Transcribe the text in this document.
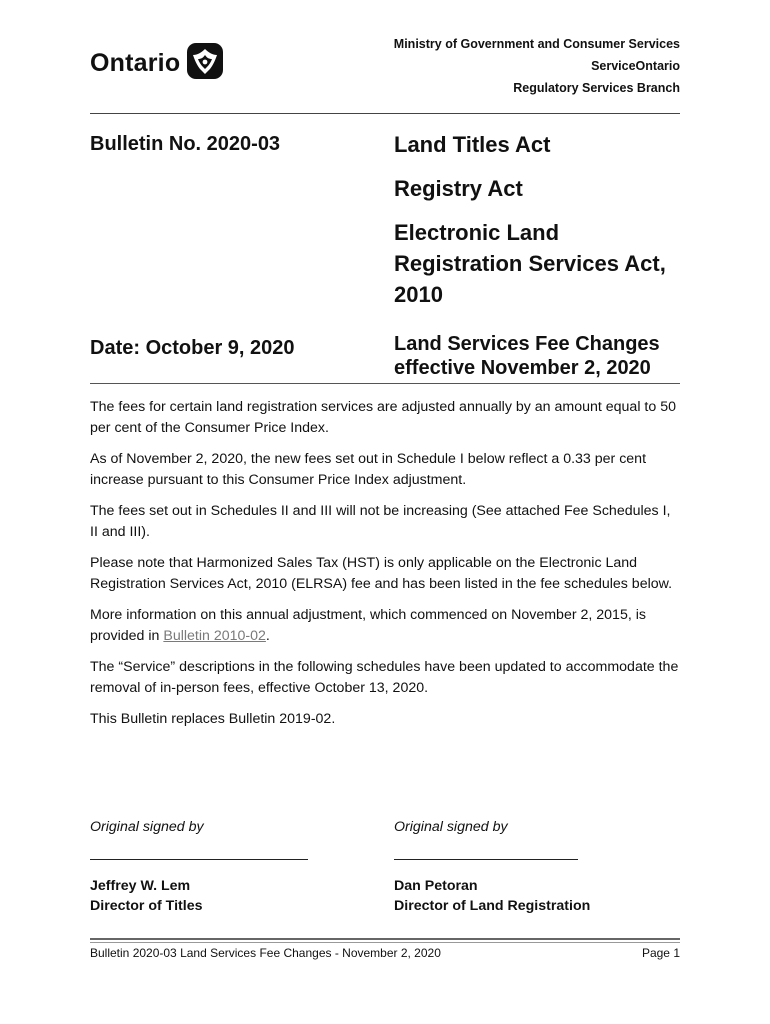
Ontario
Ministry of Government and Consumer Services
ServiceOntario
Regulatory Services Branch
Bulletin No. 2020-03	Land Titles Act
Registry Act
Electronic Land Registration Services Act, 2010
Date: October 9, 2020	Land Services Fee Changes effective November 2, 2020

The fees for certain land registration services are adjusted annually by an amount equal to 50 per cent of the Consumer Price Index.

As of November 2, 2020, the new fees set out in Schedule I below reflect a 0.33 per cent increase pursuant to this Consumer Price Index adjustment.

The fees set out in Schedules II and III will not be increasing (See attached Fee Schedules I, II and III).

Please note that Harmonized Sales Tax (HST) is only applicable on the Electronic Land Registration Services Act, 2010 (ELRSA) fee and has been listed in the fee schedules below.

More information on this annual adjustment, which commenced on November 2, 2015, is provided in Bulletin 2010-02.

The “Service” descriptions in the following schedules have been updated to accommodate the removal of in-person fees, effective October 13, 2020.

This Bulletin replaces Bulletin 2019-02.

Original signed by
Jeffrey W. Lem
Director of Titles
Original signed by
Dan Petoran
Director of Land Registration
Bulletin 2020-03 Land Services Fee Changes - November 2, 2020	Page 1
